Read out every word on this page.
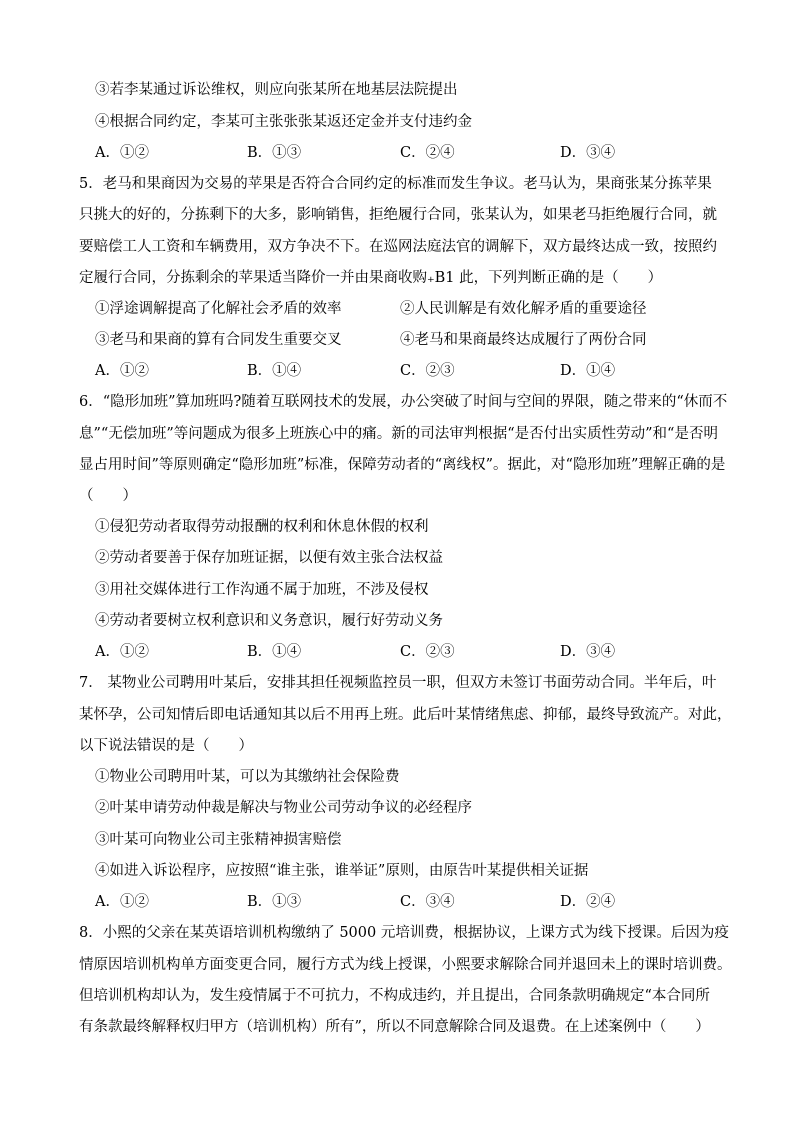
③若李某通过诉讼维权，则应向张某所在地基层法院提出
④根据合同约定，李某可主张张张某返还定金并支付违约金
A．①②	B．①③	C．②④	D．③④
5．老马和果商因为交易的苹果是否符合合同约定的标准而发生争议。老马认为，果商张某分拣苹果
只挑大的好的，分拣剩下的大多，影响销售，拒绝履行合同，张某认为，如果老马拒绝履行合同，就
要赔偿工人工资和车辆费用，双方争决不下。在巡网法庭法官的调解下，双方最终达成一致，按照约
定履行合同，分拣剩余的苹果适当降价一并由果商收购₊B1 此，下列判断正确的是（　　）
①浮途调解提高了化解社会矛盾的效率	②人民训解是有效化解矛盾的重要途径
③老马和果商的算有合同发生重要交叉	④老马和果商最终达成履行了两份合同
A．①②	B．①④	C．②③	D．①④
6．“隐形加班”算加班吗?随着互联网技术的发展，办公突破了时间与空间的界限，随之带来的“休而不
息”“无偿加班”等问题成为很多上班族心中的痛。新的司法审判根据“是否付出实质性劳动”和“是否明
显占用时间”等原则确定“隐形加班”标准，保障劳动者的“离线权”。据此，对“隐形加班”理解正确的是
（　　）
①侵犯劳动者取得劳动报酬的权利和休息休假的权利
②劳动者要善于保存加班证据，以便有效主张合法权益
③用社交媒体进行工作沟通不属于加班，不涉及侵权
④劳动者要树立权利意识和义务意识，履行好劳动义务
A．①②	B．①④	C．②③	D．③④
7． 某物业公司聘用叶某后，安排其担任视频监控员一职，但双方未签订书面劳动合同。半年后，叶
某怀孕，公司知情后即电话通知其以后不用再上班。此后叶某情绪焦虑、抑郁，最终导致流产。对此，
以下说法错误的是（　　）
①物业公司聘用叶某，可以为其缴纳社会保险费
②叶某申请劳动仲裁是解决与物业公司劳动争议的必经程序
③叶某可向物业公司主张精神损害赔偿
④如进入诉讼程序，应按照“谁主张，谁举证”原则，由原告叶某提供相关证据
A．①②	B．①③	C．③④	D．②④
8．小熙的父亲在某英语培训机构缴纳了 5000 元培训费，根据协议，上课方式为线下授课。后因为疫
情原因培训机构单方面变更合同，履行方式为线上授课，小熙要求解除合同并退回未上的课时培训费。
但培训机构却认为，发生疫情属于不可抗力，不构成违约，并且提出，合同条款明确规定“本合同所
有条款最终解释权归甲方（培训机构）所有”，所以不同意解除合同及退费。在上述案例中（　　）
